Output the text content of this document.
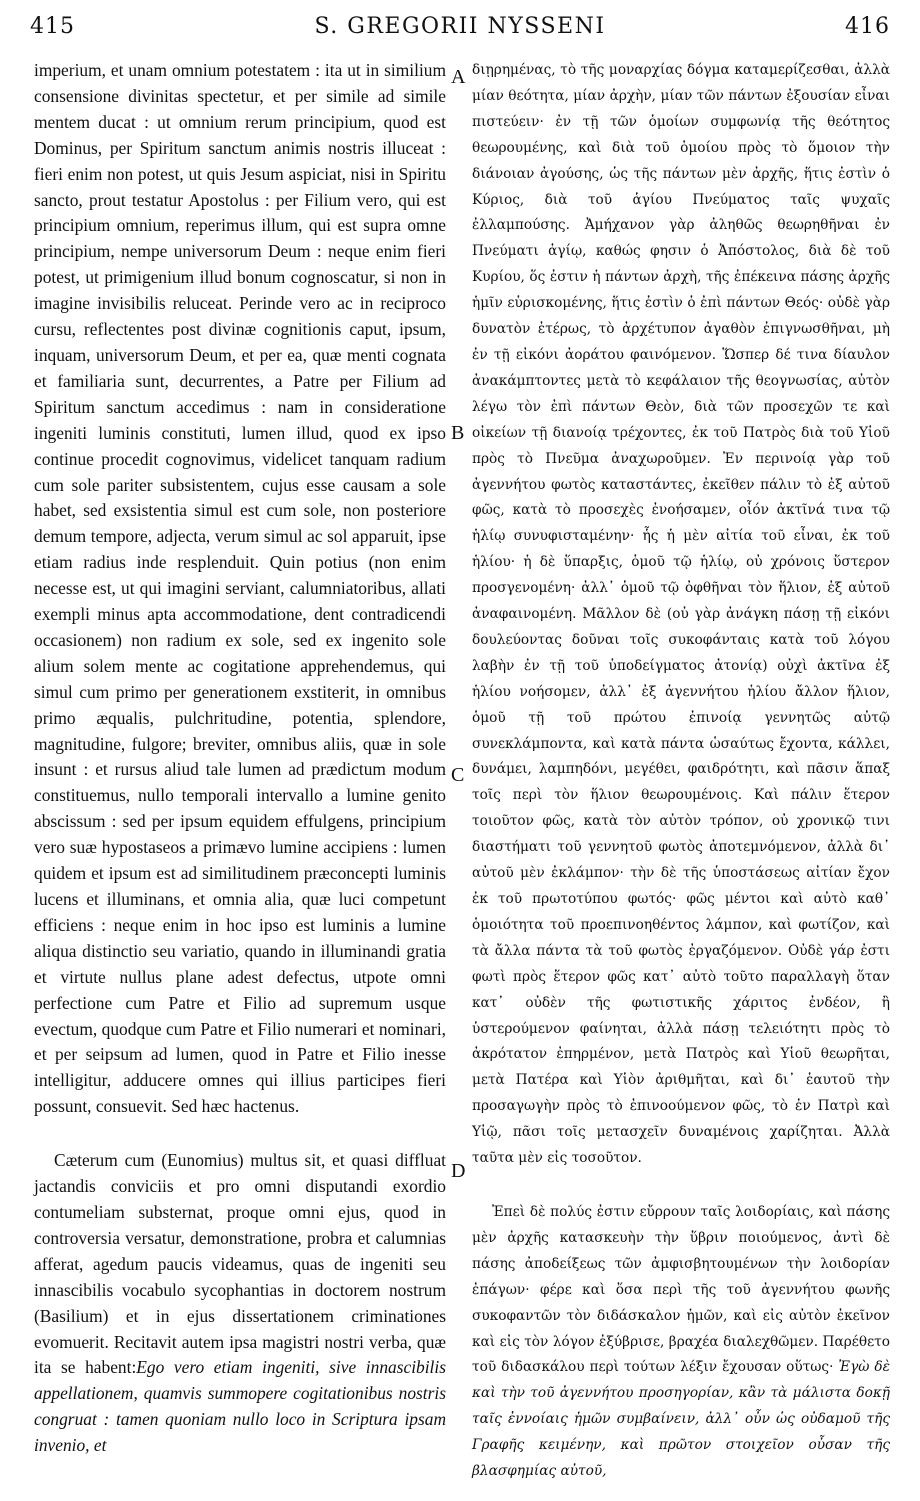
415	S. GREGORII NYSSENI	416

imperium, et unam omnium potestatem : ita ut in similium consensione divinitas spectetur, et per simile ad simile mentem ducat : ut omnium rerum principium, quod est Dominus, per Spiritum sanctum animis nostris illuceat : fieri enim non potest, ut quis Jesum aspiciat, nisi in Spiritu sancto, prout testatur Apostolus : per Filium vero, qui est principium omnium, reperimus illum, qui est supra omne principium, nempe universorum Deum : neque enim fieri potest, ut primigenium illud bonum cognoscatur, si non in imagine invisibilis reluceat. Perinde vero ac in reciproco cursu, reflectentes post divinæ cognitionis caput, ipsum, inquam, universorum Deum, et per ea, quæ menti cognata et familiaria sunt, decurrentes, a Patre per Filium ad Spiritum sanctum accedimus : nam in consideratione ingeniti luminis constituti, lumen illud, quod ex ipso continue procedit cognovimus, videlicet tanquam radium cum sole pariter subsistentem, cujus esse causam a sole habet, sed exsistentia simul est cum sole, non posteriore demum tempore, adjecta, verum simul ac sol apparuit, ipse etiam radius inde resplenduit. Quin potius (non enim necesse est, ut qui imagini serviant, calumniatoribus, allati exempli minus apta accommodatione, dent contradicendi occasionem) non radium ex sole, sed ex ingenito sole alium solem mente ac cogitatione apprehendemus, qui simul cum primo per generationem exstiterit, in omnibus primo æqualis, pulchritudine, potentia, splendore, magnitudine, fulgore; breviter, omnibus aliis, quæ in sole insunt : et rursus aliud tale lumen ad prædictum modum constituemus, nullo temporali intervallo a lumine genito abscissum : sed per ipsum equidem effulgens, principium vero suæ hypostaseos a primævo lumine accipiens : lumen quidem et ipsum est ad similitudinem præconcepti luminis lucens et illuminans, et omnia alia, quæ luci competunt efficiens : neque enim in hoc ipso est luminis a lumine aliqua distinctio seu variatio, quando in illuminandi gratia et virtute nullus plane adest defectus, utpote omni perfectione cum Patre et Filio ad supremum usque evectum, quodque cum Patre et Filio numerari et nominari, et per seipsum ad lumen, quod in Patre et Filio inesse intelligitur, adducere omnes qui illius participes fieri possunt, consuevit. Sed hæc hactenus.

Cæterum cum (Eunomius) multus sit, et quasi diffluat jactandis conviciis et pro omni disputandi exordio contumeliam substernat, proque omni ejus, quod in controversia versatur, demonstratione, probra et calumnias afferat, agedum paucis videamus, quas de ingeniti seu innascibilis vocabulo sycophantias in doctorem nostrum (Basilium) et in ejus dissertationem criminationes evomuerit. Recitavit autem ipsa magistri nostri verba, quæ ita se habent:Ego vero etiam ingeniti, sive innascibilis appellationem, quamvis summopere cogitationibus nostris congruat : tamen quoniam nullo loco in Scriptura ipsam invenio, et

A
B
C
D

διῃρημένας, τὸ τῆς μοναρχίας δόγμα καταμερίζεσθαι, ἀλλὰ μίαν θεότητα, μίαν ἀρχὴν, μίαν τῶν πάντων ἐξουσίαν εἶναι πιστεύειν· ἐν τῇ τῶν ὁμοίων συμφωνίᾳ τῆς θεότητος θεωρουμένης, καὶ διὰ τοῦ ὁμοίου πρὸς τὸ ὅμοιον τὴν διάνοιαν ἀγούσης, ὡς τῆς πάντων μὲν ἀρχῆς, ἥτις ἐστὶν ὁ Κύριος, διὰ τοῦ ἁγίου Πνεύματος ταῖς ψυχαῖς ἐλλαμπούσης. Ἀμήχανον γὰρ ἀληθῶς θεωρηθῆναι ἐν Πνεύματι ἁγίῳ, καθώς φησιν ὁ Ἀπόστολος, διὰ δὲ τοῦ Κυρίου, ὅς ἐστιν ἡ πάντων ἀρχὴ, τῆς ἐπέκεινα πάσης ἀρχῆς ἡμῖν εὑρισκομένης, ἥτις ἐστὶν ὁ ἐπὶ πάντων Θεός· οὐδὲ γὰρ δυνατὸν ἑτέρως, τὸ ἀρχέτυπον ἀγαθὸν ἐπιγνωσθῆναι, μὴ ἐν τῇ εἰκόνι ἀοράτου φαινόμενον. Ὥσπερ δέ τινα δίαυλον ἀνακάμπτοντες μετὰ τὸ κεφάλαιον τῆς θεογνωσίας, αὐτὸν λέγω τὸν ἐπὶ πάντων Θεὸν, διὰ τῶν προσεχῶν τε καὶ οἰκείων τῇ διανοίᾳ τρέχοντες, ἐκ τοῦ Πατρὸς διὰ τοῦ Υἱοῦ πρὸς τὸ Πνεῦμα ἀναχωροῦμεν. Ἐν περινοίᾳ γὰρ τοῦ ἀγεννήτου φωτὸς καταστάντες, ἐκεῖθεν πάλιν τὸ ἐξ αὐτοῦ φῶς, κατὰ τὸ προσεχὲς ἐνοήσαμεν, οἷόν ἀκτῖνά τινα τῷ ἡλίῳ συνυφισταμένην· ἧς ἡ μὲν αἰτία τοῦ εἶναι, ἐκ τοῦ ἡλίου· ἡ δὲ ὕπαρξις, ὁμοῦ τῷ ἡλίῳ, οὐ χρόνοις ὕστερον προσγενομένη· ἀλλ᾽ ὁμοῦ τῷ ὀφθῆναι τὸν ἥλιον, ἐξ αὐτοῦ ἀναφαινομένη. Μᾶλλον δὲ (οὐ γὰρ ἀνάγκη πάσῃ τῇ εἰκόνι δουλεύοντας δοῦναι τοῖς συκοφάνταις κατὰ τοῦ λόγου λαβὴν ἐν τῇ τοῦ ὑποδείγματος ἀτονίᾳ) οὐχὶ ἀκτῖνα ἐξ ἡλίου νοήσομεν, ἀλλ᾽ ἐξ ἀγεννήτου ἡλίου ἄλλον ἥλιον, ὁμοῦ τῇ τοῦ πρώτου ἐπινοίᾳ γεννητῶς αὐτῷ συνεκλάμποντα, καὶ κατὰ πάντα ὡσαύτως ἔχοντα, κάλλει, δυνάμει, λαμπηδόνι, μεγέθει, φαιδρότητι, καὶ πᾶσιν ἅπαξ τοῖς περὶ τὸν ἥλιον θεωρουμένοις. Καὶ πάλιν ἕτερον τοιοῦτον φῶς, κατὰ τὸν αὐτὸν τρόπον, οὐ χρονικῷ τινι διαστήματι τοῦ γεννητοῦ φωτὸς ἀποτεμνόμενον, ἀλλὰ δι᾽ αὐτοῦ μὲν ἐκλάμπον· τὴν δὲ τῆς ὑποστάσεως αἰτίαν ἔχον ἐκ τοῦ πρωτοτύπου φωτός· φῶς μέντοι καὶ αὐτὸ καθ᾽ ὁμοιότητα τοῦ προεπινοηθέντος λάμπον, καὶ φωτίζον, καὶ τὰ ἄλλα πάντα τὰ τοῦ φωτὸς ἐργαζόμενον. Οὐδὲ γάρ ἐστι φωτὶ πρὸς ἕτερον φῶς κατ᾽ αὐτὸ τοῦτο παραλλαγὴ ὅταν κατ᾽ οὐδὲν τῆς φωτιστικῆς χάριτος ἐνδέον, ἢ ὑστερούμενον φαίνηται, ἀλλὰ πάσῃ τελειότητι πρὸς τὸ ἀκρότατον ἐπηρμένον, μετὰ Πατρὸς καὶ Υἱοῦ θεωρῆται, μετὰ Πατέρα καὶ Υἱὸν ἀριθμῆται, καὶ δι᾽ ἑαυτοῦ τὴν προσαγωγὴν πρὸς τὸ ἐπινοούμενον φῶς, τὸ ἐν Πατρὶ καὶ Υἱῷ, πᾶσι τοῖς μετασχεῖν δυναμένοις χαρίζηται. Ἀλλὰ ταῦτα μὲν εἰς τοσοῦτον.

Ἐπεὶ δὲ πολύς ἐστιν εὔρρουν ταῖς λοιδορίαις, καὶ πάσης μὲν ἀρχῆς κατασκευὴν τὴν ὕβριν ποιούμενος, ἀντὶ δὲ πάσης ἀποδείξεως τῶν ἀμφισβητουμένων τὴν λοιδορίαν ἐπάγων· φέρε καὶ ὅσα περὶ τῆς τοῦ ἀγεννήτου φωνῆς συκοφαντῶν τὸν διδάσκαλον ἡμῶν, καὶ εἰς αὐτὸν ἐκεῖνον καὶ εἰς τὸν λόγον ἐξύβρισε, βραχέα διαλεχθῶμεν. Παρέθετο τοῦ διδασκάλου περὶ τούτων λέξιν ἔχουσαν οὕτως· Ἐγὼ δὲ καὶ τὴν τοῦ ἀγεννήτου προσηγορίαν, κἂν τὰ μάλιστα δοκῇ ταῖς ἐννοίαις ἡμῶν συμβαίνειν, ἀλλ᾽ οὖν ὡς οὐδαμοῦ τῆς Γραφῆς κειμένην, καὶ πρῶτον στοιχεῖον οὖσαν τῆς βλασφημίας αὐτοῦ,
